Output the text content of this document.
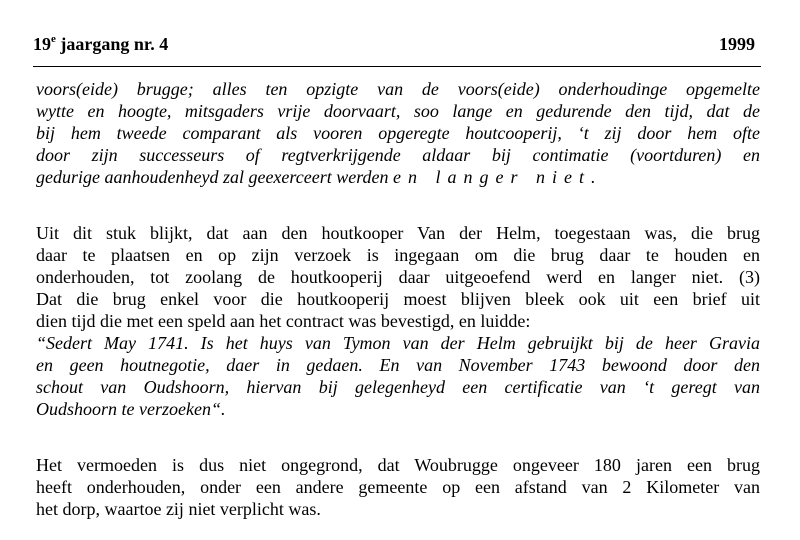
19e jaargang nr. 4	1999
voors(eide) brugge; alles ten opzigte van de voors(eide) onderhoudinge opgemelte
wytte en hoogte, mitsgaders vrije doorvaart, soo lange en gedurende den tijd, dat de
bij hem tweede comparant als vooren opgeregte houtcooperij, ‘t zij door hem ofte
door zijn successeurs of regtverkrijgende aldaar bij contimatie (voortduren) en
gedurige aanhoudenheyd zal geexerceert werden en langer niet.
Uit dit stuk blijkt, dat aan den houtkooper Van der Helm, toegestaan was, die brug
daar te plaatsen en op zijn verzoek is ingegaan om die brug daar te houden en
onderhouden, tot zoolang de houtkooperij daar uitgeoefend werd en langer niet. (3)
Dat die brug enkel voor die houtkooperij moest blijven bleek ook uit een brief uit
dien tijd die met een speld aan het contract was bevestigd, en luidde:
“Sedert May 1741. Is het huys van Tymon van der Helm gebruijkt bij de heer Gravia
en geen houtnegotie, daer in gedaen. En van November 1743 bewoond door den
schout van Oudshoorn, hiervan bij gelegenheyd een certificatie van ‘t geregt van
Oudshoorn te verzoeken“.
Het vermoeden is dus niet ongegrond, dat Woubrugge ongeveer 180 jaren een brug
heeft onderhouden, onder een andere gemeente op een afstand van 2 Kilometer van
het dorp, waartoe zij niet verplicht was.
